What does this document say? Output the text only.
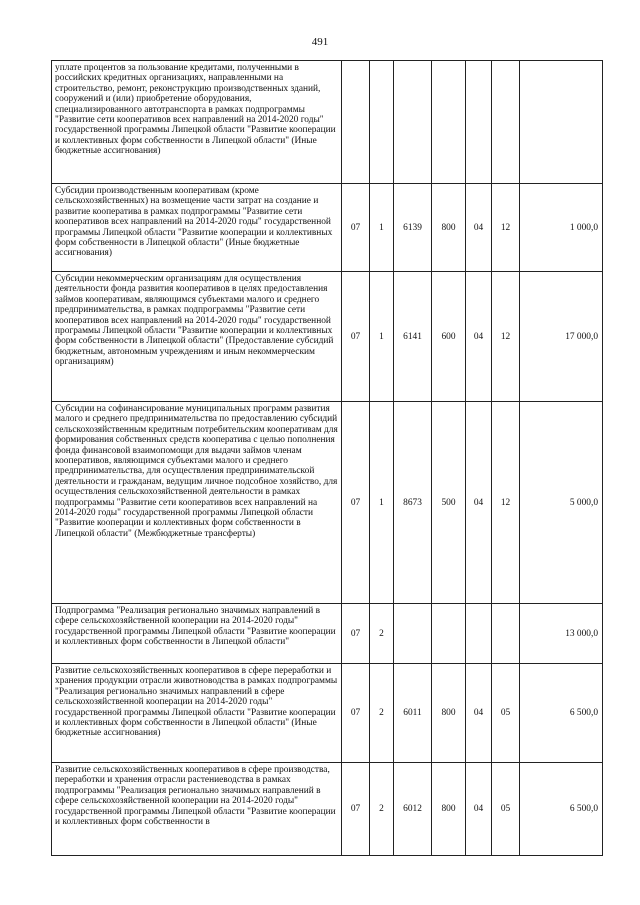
491
уплате процентов за пользование кредитами, полученными в российских кредитных организациях, направленными на строительство, ремонт, реконструкцию производственных зданий, сооружений и (или) приобретение оборудования, специализированного автотранспорта в рамках подпрограммы "Развитие сети кооперативов всех направлений на 2014-2020 годы" государственной программы Липецкой области "Развитие кооперации и коллективных форм собственности в Липецкой области" (Иные бюджетные ассигнования)							
Субсидии производственным кооперативам (кроме сельскохозяйственных) на возмещение части затрат на создание и развитие кооператива в рамках подпрограммы "Развитие сети кооперативов всех направлений на 2014-2020 годы" государственной программы Липецкой области "Развитие кооперации и коллективных форм собственности в Липецкой области" (Иные бюджетные ассигнования)	07	1	6139	800	04	12	1 000,0
Субсидии некоммерческим организациям для осуществления деятельности фонда развития кооперативов в целях предоставления займов кооперативам, являющимся субъектами малого и среднего предпринимательства, в рамках подпрограммы "Развитие сети кооперативов всех направлений на 2014-2020 годы" государственной программы Липецкой области "Развитие кооперации и коллективных форм собственности в Липецкой области" (Предоставление субсидий бюджетным, автономным учреждениям и иным некоммерческим организациям)	07	1	6141	600	04	12	17 000,0
Субсидии на софинансирование муниципальных программ развития малого и среднего предпринимательства по предоставлению субсидий сельскохозяйственным кредитным потребительским кооперативам для формирования собственных средств кооператива с целью пополнения фонда финансовой взаимопомощи для выдачи займов членам кооперативов, являющимся субъектами малого и среднего предпринимательства, для осуществления предпринимательской деятельности и гражданам, ведущим личное подсобное хозяйство, для осуществления сельскохозяйственной деятельности в рамках подпрограммы "Развитие сети кооперативов всех направлений на 2014-2020 годы" государственной программы Липецкой области "Развитие кооперации и коллективных форм собственности в Липецкой области" (Межбюджетные трансферты)	07	1	8673	500	04	12	5 000,0
Подпрограмма "Реализация регионально значимых направлений в сфере сельскохозяйственной кооперации на 2014-2020 годы" государственной программы Липецкой области "Развитие кооперации и коллективных форм собственности в Липецкой области"	07	2					13 000,0
Развитие сельскохозяйственных кооперативов в сфере переработки и хранения продукции отрасли животноводства в рамках подпрограммы "Реализация регионально значимых направлений в сфере сельскохозяйственной кооперации на 2014-2020 годы" государственной программы Липецкой области "Развитие кооперации и коллективных форм собственности в Липецкой области" (Иные бюджетные ассигнования)	07	2	6011	800	04	05	6 500,0
Развитие сельскохозяйственных кооперативов в сфере производства, переработки и хранения отрасли растениеводства в рамках подпрограммы "Реализация регионально значимых направлений в сфере сельскохозяйственной кооперации на 2014-2020 годы" государственной программы Липецкой области "Развитие кооперации и коллективных форм собственности в	07	2	6012	800	04	05	6 500,0
